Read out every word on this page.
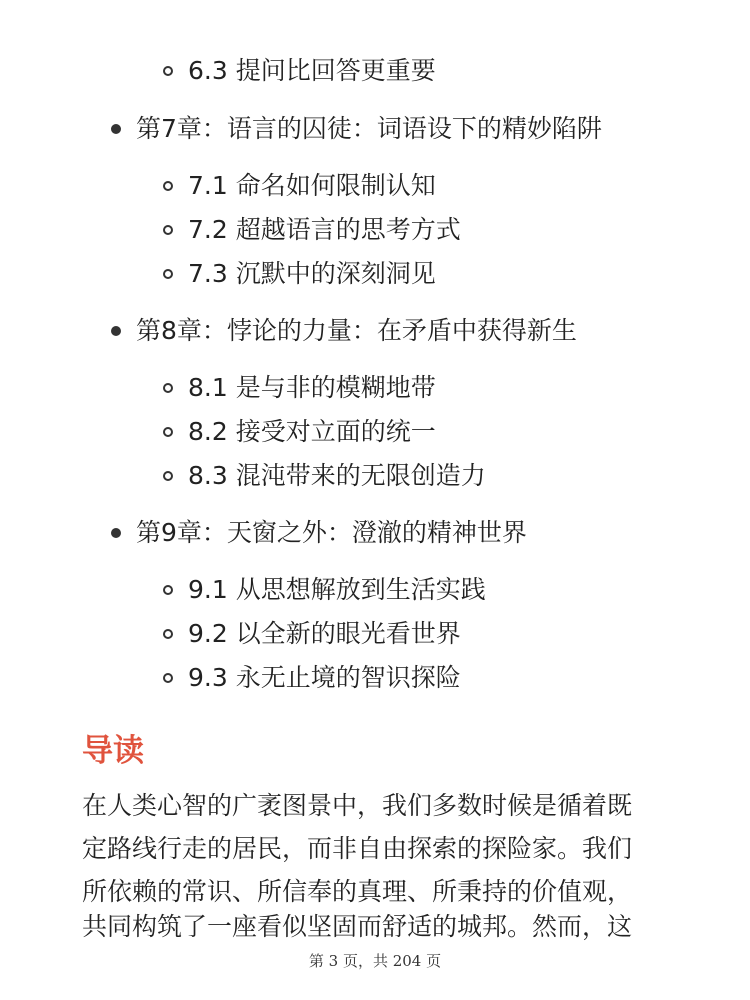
6.3 提问比回答更重要
第7章：语言的囚徒：词语设下的精妙陷阱
7.1 命名如何限制认知
7.2 超越语言的思考方式
7.3 沉默中的深刻洞见
第8章：悖论的力量：在矛盾中获得新生
8.1 是与非的模糊地带
8.2 接受对立面的统一
8.3 混沌带来的无限创造力
第9章：天窗之外：澄澈的精神世界
9.1 从思想解放到生活实践
9.2 以全新的眼光看世界
9.3 永无止境的智识探险
导读
在人类心智的广袤图景中，我们多数时候是循着既
定路线行走的居民，而非自由探索的探险家。我们
所依赖的常识、所信奉的真理、所秉持的价值观，
共同构筑了一座看似坚固而舒适的城邦。然而，这
第 3 页，共 204 页
